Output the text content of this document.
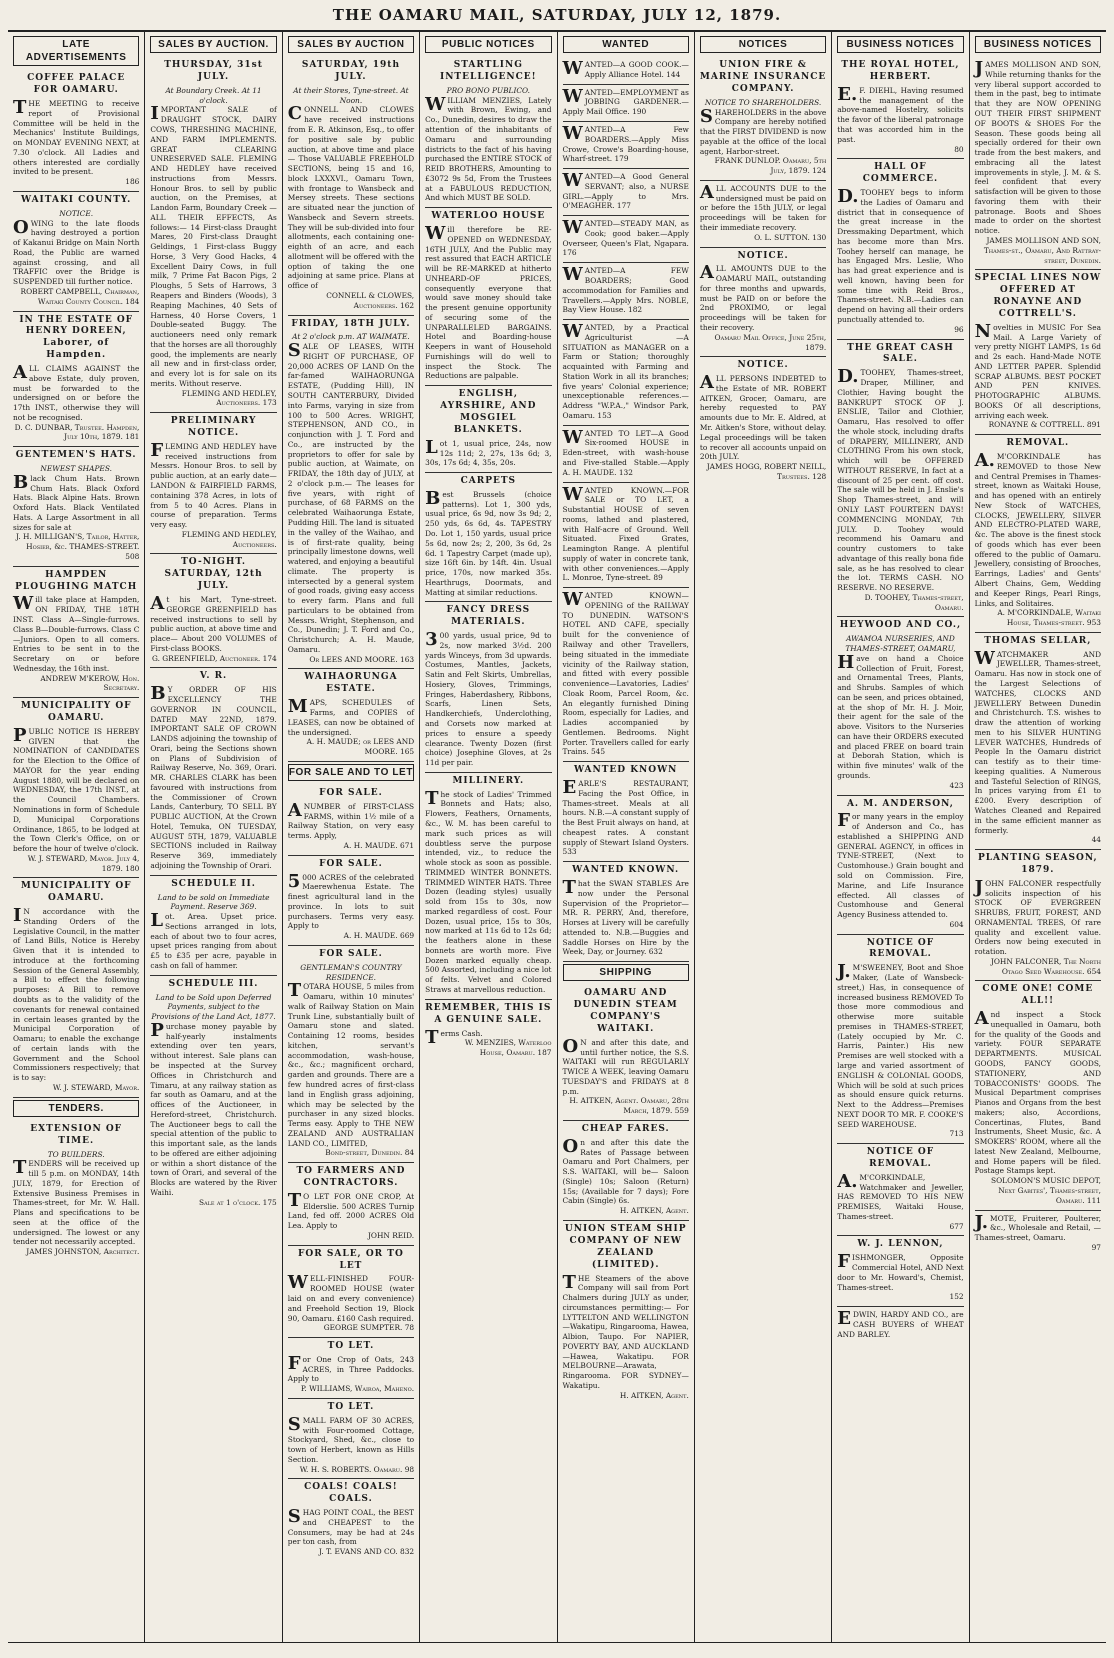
THE OAMARU MAIL, SATURDAY, JULY 12, 1879.
LATE ADVERTISEMENTS
COFFEE PALACE FOR OAMARU.
THE MEETING to receive report of Provisional Committee will be held in the Mechanics' Institute Buildings, on MONDAY EVENING NEXT, at 7.30 o'clock. All Ladies and others interested are cordially invited to be present.
186
WAITAKI COUNTY.
NOTICE.
OWING to the late floods having destroyed a portion of Kakanui Bridge on Main North Road, the Public are warned against crossing, and all TRAFFIC over the Bridge is SUSPENDED till further notice.
ROBERT CAMPBELL, Chairman, Waitaki County Council. 184
IN THE ESTATE OF HENRY DOREEN, Laborer, of Hampden.
ALL CLAIMS AGAINST the above Estate, duly proven, must be forwarded to the undersigned on or before the 17th INST., otherwise they will not be recognised.
D. C. DUNBAR, Trustee. Hampden, July 10th, 1879. 181
GENTEMEN'S HATS.
NEWEST SHAPES.
Black Chum Hats. Brown Chum Hats. Black Oxford Hats. Black Alpine Hats. Brown Oxford Hats. Black Ventilated Hats. A Large Assortment in all sizes for sale at
J. H. MILLIGAN'S, Tailor, Hatter, Hosier, &c. THAMES-STREET. 508
HAMPDEN PLOUGHING MATCH
Will take place at Hampden, ON FRIDAY, THE 18TH INST. Class A—Single-furrows. Class B—Double-furrows. Class C—Juniors. Open to all comers. Entries to be sent in to the Secretary on or before Wednesday, the 16th inst.
ANDREW M'KEROW, Hon. Secretary.
MUNICIPALITY OF OAMARU.
PUBLIC NOTICE IS HEREBY GIVEN that the NOMINATION of CANDIDATES for the Election to the Office of MAYOR for the year ending August 1880, will be declared on WEDNESDAY, the 17th INST., at the Council Chambers. Nominations in form of Schedule D, Municipal Corporations Ordinance, 1865, to be lodged at the Town Clerk's Office, on or before the hour of twelve o'clock.
W. J. STEWARD, Mayor. July 4, 1879. 180
MUNICIPALITY OF OAMARU.
IN accordance with the Standing Orders of the Legislative Council, in the matter of Land Bills, Notice is Hereby Given that it is intended to introduce at the forthcoming Session of the General Assembly, a Bill to effect the following purposes: A Bill to remove doubts as to the validity of the covenants for renewal contained in certain leases granted by the Municipal Corporation of Oamaru; to enable the exchange of certain lands with the Government and the School Commissioners respectively; that is to say:
W. J. STEWARD, Mayor.
TENDERS.
EXTENSION OF TIME.
TO BUILDERS.
TENDERS will be received up till 5 p.m. on MONDAY, 14th JULY, 1879, for Erection of Extensive Business Premises in Thames-street, for Mr. W. Hall. Plans and specifications to be seen at the office of the undersigned. The lowest or any tender not necessarily accepted.
JAMES JOHNSTON, Architect.
SALES BY AUCTION.
THURSDAY, 31st JULY.
At Boundary Creek. At 11 o'clock.
IMPORTANT SALE of DRAUGHT STOCK, DAIRY COWS, THRESHING MACHINE, AND FARM IMPLEMENTS. GREAT CLEARING UNRESERVED SALE. FLEMING AND HEDLEY have received instructions from Messrs. Honour Bros. to sell by public auction, on the Premises, at Landon Farm, Boundary Creek — ALL THEIR EFFECTS, As follows:— 14 First-class Draught Mares, 20 First-class Draught Geldings, 1 First-class Buggy Horse, 3 Very Good Hacks, 4 Excellent Dairy Cows, in full milk, 7 Prime Fat Bacon Pigs, 2 Ploughs, 5 Sets of Harrows, 3 Reapers and Binders (Woods), 3 Reaping Machines, 40 Sets of Harness, 40 Horse Covers, 1 Double-seated Buggy. The auctioneers need only remark that the horses are all thoroughly good, the implements are nearly all new and in first-class order, and every lot is for sale on its merits. Without reserve.
FLEMING AND HEDLEY, Auctioneers. 173
PRELIMINARY NOTICE.
FLEMING AND HEDLEY have received instructions from Messrs. Honour Bros. to sell by public auction, at an early date— LANDON & FAIRFIELD FARMS, containing 378 Acres, in lots of from 5 to 40 Acres. Plans in course of preparation. Terms very easy.
FLEMING AND HEDLEY, Auctioneers.
TO-NIGHT. SATURDAY, 12th JULY.
At his Mart, Tyne-street. GEORGE GREENFIELD has received instructions to sell by public auction, at above time and place— About 200 VOLUMES of First-class BOOKS.
G. GREENFIELD, Auctioneer. 174
V. R.
BY ORDER OF HIS EXCELLENCY THE GOVERNOR IN COUNCIL, DATED MAY 22ND, 1879. IMPORTANT SALE OF CROWN LANDS adjoining the township of Orari, being the Sections shown on Plans of Subdivision of Railway Reserve, No. 369, Orari. MR. CHARLES CLARK has been favoured with instructions from the Commissioner of Crown Lands, Canterbury, TO SELL BY PUBLIC AUCTION, At the Crown Hotel, Temuka, ON TUESDAY, AUGUST 5TH, 1879, VALUABLE SECTIONS included in Railway Reserve 369, immediately adjoining the Township of Orari.
SCHEDULE II.
Land to be sold on Immediate Payment. Reserve 369.
Lot. Area. Upset price. Sections arranged in lots, each of about two to four acres, upset prices ranging from about £5 to £35 per acre, payable in cash on fall of hammer.
SCHEDULE III.
Land to be Sold upon Deferred Payments, subject to the Provisions of the Land Act, 1877.
Purchase money payable by half-yearly instalments extending over ten years, without interest. Sale plans can be inspected at the Survey Offices in Christchurch and Timaru, at any railway station as far south as Oamaru, and at the offices of the Auctioneer, in Hereford-street, Christchurch. The Auctioneer begs to call the special attention of the public to this important sale, as the lands to be offered are either adjoining or within a short distance of the town of Orari, and several of the Blocks are watered by the River Waihi.
Sale at 1 o'clock. 175
SALES BY AUCTION
SATURDAY, 19th JULY.
At their Stores, Tyne-street. At Noon.
CONNELL AND CLOWES have received instructions from E. R. Atkinson, Esq., to offer for positive sale by public auction, at above time and place— Those VALUABLE FREEHOLD SECTIONS, being 15 and 16, block LXXXVI., Oamaru Town, with frontage to Wansbeck and Mersey streets. These sections are situated near the junction of Wansbeck and Severn streets. They will be sub-divided into four allotments, each containing one-eighth of an acre, and each allotment will be offered with the option of taking the one adjoining at same price. Plans at office of
CONNELL & CLOWES, Auctioneers. 162
FRIDAY, 18TH JULY.
At 2 o'clock p.m. AT WAIMATE.
SALE OF LEASES, WITH RIGHT OF PURCHASE, OF 20,000 ACRES OF LAND On the far-famed WAIHAORUNGA ESTATE, (Pudding Hill), IN SOUTH CANTERBURY, Divided into Farms, varying in size from 100 to 500 Acres. WRIGHT, STEPHENSON, AND CO., in conjunction with J. T. Ford and Co., are instructed by the proprietors to offer for sale by public auction, at Waimate, on FRIDAY, the 18th day of JULY, at 2 o'clock p.m.— The leases for five years, with right of purchase, of 68 FARMS on the celebrated Waihaorunga Estate, Pudding Hill. The land is situated in the valley of the Waihao, and is of first-rate quality, being principally limestone downs, well watered, and enjoying a beautiful climate. The property is intersected by a general system of good roads, giving easy access to every farm. Plans and full particulars to be obtained from Messrs. Wright, Stephenson, and Co., Dunedin; J. T. Ford and Co., Christchurch; A. H. Maude, Oamaru.
Or LEES AND MOORE. 163
WAIHAORUNGA ESTATE.
MAPS, SCHEDULES of Farms, and COPIES of LEASES, can now be obtained of the undersigned.
A. H. MAUDE; or LEES AND MOORE. 165
FOR SALE AND TO LET
FOR SALE.
ANUMBER of FIRST-CLASS FARMS, within 1½ mile of a Railway Station, on very easy terms. Apply,
A. H. MAUDE. 671
FOR SALE.
5000 ACRES of the celebrated Maerewhenua Estate. The finest agricultural land in the province. In lots to suit purchasers. Terms very easy. Apply to
A. H. MAUDE. 669
FOR SALE.
GENTLEMAN'S COUNTRY RESIDENCE.
TOTARA HOUSE, 5 miles from Oamaru, within 10 minutes' walk of Railway Station on Main Trunk Line, substantially built of Oamaru stone and slated. Containing 12 rooms, besides kitchen, servant's accommodation, wash-house, &c., &c.; magnificent orchard, garden and grounds. There are a few hundred acres of first-class land in English grass adjoining, which may be selected by the purchaser in any sized blocks. Terms easy. Apply to THE NEW ZEALAND AND AUSTRALIAN LAND CO., LIMITED,
Bond-street, Dunedin. 84
TO FARMERS AND CONTRACTORS.
TO LET FOR ONE CROP, At Elderslie. 500 ACRES Turnip Land, fed off. 2000 ACRES Old Lea. Apply to
JOHN REID.
FOR SALE, OR TO LET
WELL-FINISHED FOUR-ROOMED HOUSE (water laid on and every convenience) and Freehold Section 19, Block 90, Oamaru. £160 Cash required.
GEORGE SUMPTER. 78
TO LET.
For One Crop of Oats, 243 ACRES, in Three Paddocks. Apply to
P. WILLIAMS, Wairoa, Maheno.
TO LET.
SMALL FARM OF 30 ACRES, with Four-roomed Cottage, Stockyard, Shed, &c., close to town of Herbert, known as Hills Section.
W. H. S. ROBERTS. Oamaru. 98
COALS! COALS! COALS.
SHAG POINT COAL, the BEST and CHEAPEST to the Consumers, may be had at 24s per ton cash, from
J. T. EVANS AND CO. 832
PUBLIC NOTICES
STARTLING INTELLIGENCE!
PRO BONO PUBLICO.
WILLIAM MENZIES, Lately with Brown, Ewing, and Co., Dunedin, desires to draw the attention of the inhabitants of Oamaru and surrounding districts to the fact of his having purchased the ENTIRE STOCK of REID BROTHERS, Amounting to £3072 9s 5d, From the Trustees at a FABULOUS REDUCTION, And which MUST BE SOLD.
WATERLOO HOUSE
Will therefore be RE-OPENED on WEDNESDAY, 16TH JULY, And the Public may rest assured that EACH ARTICLE will be RE-MARKED at hitherto UNHEARD-OF PRICES, consequently everyone that would save money should take the present genuine opportunity of securing some of the UNPARALLELED BARGAINS. Hotel and Boarding-house Keepers in want of Household Furnishings will do well to inspect the Stock. The Reductions are palpable.
ENGLISH, AYRSHIRE, AND MOSGIEL BLANKETS.
Lot 1, usual price, 24s, now 12s 11d; 2, 27s, 13s 6d; 3, 30s, 17s 6d; 4, 35s, 20s.
CARPETS
Best Brussels (choice patterns). Lot 1, 300 yds, usual price, 6s 9d, now 3s 9d; 2, 250 yds, 6s 6d, 4s. TAPESTRY Do. Lot 1, 150 yards, usual price 5s 6d, now 2s; 2, 200, 3s 6d, 2s 6d. 1 Tapestry Carpet (made up), size 16ft 6in. by 14ft. 4in. Usual price, 170s, now marked 35s. Hearthrugs, Doormats, and Matting at similar reductions.
FANCY DRESS MATERIALS.
300 yards, usual price, 9d to 2s, now marked 3½d. 200 yards Winceys, from 3d upwards. Costumes, Mantles, Jackets, Satin and Felt Skirts, Umbrellas, Hosiery, Gloves, Trimmings, Fringes, Haberdashery, Ribbons, Scarfs, Linen Sets, Handkerchiefs, Underclothing, and Corsets now marked at prices to ensure a speedy clearance. Twenty Dozen (first choice) Josephine Gloves, at 2s 11d per pair.
MILLINERY.
The stock of Ladies' Trimmed Bonnets and Hats; also, Flowers, Feathers, Ornaments, &c., W. M. has been careful to mark such prices as will doubtless serve the purpose intended, viz., to reduce the whole stock as soon as possible. TRIMMED WINTER BONNETS. TRIMMED WINTER HATS. Three Dozen (leading styles) usually sold from 15s to 30s, now marked regardless of cost. Four Dozen, usual price, 15s to 30s, now marked at 11s 6d to 12s 6d; the feathers alone in these bonnets are worth more. Five Dozen marked equally cheap. 500 Assorted, including a nice lot of felts. Velvet and Colored Straws at marvellous reduction.
REMEMBER, THIS IS A GENUINE SALE.
Terms Cash.
W. MENZIES, Waterloo House, Oamaru. 187
WANTED
WANTED—A GOOD COOK.—Apply Alliance Hotel. 144
WANTED—EMPLOYMENT as JOBBING GARDENER.—Apply Mail Office. 190
WANTED—A Few BOARDERS.—Apply Miss Crowe, Crowe's Boarding-house, Wharf-street. 179
WANTED—A Good General SERVANT; also, a NURSE GIRL.—Apply to Mrs. O'MEAGHER. 177
WANTED—STEADY MAN, as Cook; good baker.—Apply Overseer, Queen's Flat, Ngapara. 176
WANTED—A FEW BOARDERS; Good accommodation for Families and Travellers.—Apply Mrs. NOBLE, Bay View House. 182
WANTED, by a Practical Agriculturist —A SITUATION as MANAGER on a Farm or Station; thoroughly acquainted with Farming and Station Work in all its branches; five years' Colonial experience; unexceptionable references.—Address "W.P.A.," Windsor Park, Oamaru. 153
WANTED TO LET—A Good Six-roomed HOUSE in Eden-street, with wash-house and Five-stalled Stable.—Apply A. H. MAUDE. 132
WANTED KNOWN.—FOR SALE or TO LET, a Substantial HOUSE of seven rooms, lathed and plastered, with Half-acre of Ground. Well Situated. Fixed Grates, Leamington Range. A plentiful supply of water in concrete tank, with other conveniences.—Apply L. Monroe, Tyne-street. 89
WANTED KNOWN—OPENING of the RAILWAY TO DUNEDIN. WATSON'S HOTEL AND CAFE, specially built for the convenience of Railway and other Travellers, being situated in the immediate vicinity of the Railway station, and fitted with every possible convenience—Lavatories, Ladies' Cloak Room, Parcel Room, &c. An elegantly furnished Dining Room, especially for Ladies, and Ladies accompanied by Gentlemen. Bedrooms. Night Porter. Travellers called for early Trains. 545
WANTED KNOWN
EARLE'S RESTAURANT, Facing the Post Office, in Thames-street. Meals at all hours. N.B.—A constant supply of the Best Fruit always on hand, at cheapest rates. A constant supply of Stewart Island Oysters. 533
WANTED KNOWN.
That the SWAN STABLES Are now under the Personal Supervision of the Proprietor— MR. R. PERRY, And, therefore, Horses at Livery will be carefully attended to. N.B.—Buggies and Saddle Horses on Hire by the Week, Day, or Journey. 632
SHIPPING
OAMARU AND DUNEDIN STEAM COMPANY'S WAITAKI.
ON and after this date, and until further notice, the S.S. WAITAKI will run REGULARLY TWICE A WEEK, leaving Oamaru TUESDAY'S and FRIDAYS at 8 p.m.
H. AITKEN, Agent. Oamaru, 28th March, 1879. 559
CHEAP FARES.
On and after this date the Rates of Passage between Oamaru and Port Chalmers, per S.S. WAITAKI, will be— Saloon (Single) 10s; Saloon (Return) 15s; (Available for 7 days); Fore Cabin (Single) 6s.
H. AITKEN, Agent.
UNION STEAM SHIP COMPANY OF NEW ZEALAND (LIMITED).
THE Steamers of the above Company will sail from Port Chalmers during JULY as under, circumstances permitting:— For LYTTELTON AND WELLINGTON —Wakatipu, Ringarooma, Hawea, Albion, Taupo. For NAPIER, POVERTY BAY, AND AUCKLAND—Hawea, Wakatipu. FOR MELBOURNE—Arawata, Ringarooma. FOR SYDNEY—Wakatipu.
H. AITKEN, Agent.
NOTICES
UNION FIRE & MARINE INSURANCE COMPANY.
NOTICE TO SHAREHOLDERS.
SHAREHOLDERS in the above Company are hereby notified that the FIRST DIVIDEND is now payable at the office of the local agent, Harbor-street.
FRANK DUNLOP. Oamaru, 5th July, 1879. 124
ALL ACCOUNTS DUE to the undersigned must be paid on or before the 15th JULY, or legal proceedings will be taken for their immediate recovery.
O. L. SUTTON. 130
NOTICE.
ALL AMOUNTS DUE to the OAMARU MAIL, outstanding for three months and upwards, must be PAID on or before the 2nd PROXIMO, or legal proceedings will be taken for their recovery.
Oamaru Mail Office, June 25th, 1879.
NOTICE.
ALL PERSONS INDEBTED to the Estate of MR. ROBERT AITKEN, Grocer, Oamaru, are hereby requested to PAY amounts due to Mr. E. Aldred, at Mr. Aitken's Store, without delay. Legal proceedings will be taken to recover all accounts unpaid on 20th JULY.
JAMES HOGG, ROBERT NEILL, Trustees. 128
BUSINESS NOTICES
THE ROYAL HOTEL, HERBERT.
E.F. DIEHL, Having resumed the management of the above-named Hostelry, solicits the favor of the liberal patronage that was accorded him in the past.
80
HALL OF COMMERCE.
D.TOOHEY begs to inform the Ladies of Oamaru and district that in consequence of the great increase in the Dressmaking Department, which has become more than Mrs. Toohey herself can manage, he has Engaged Mrs. Leslie, Who has had great experience and is well known, having been for some time with Reid Bros., Thames-street. N.B.—Ladies can depend on having all their orders punctually attended to.
96
THE GREAT CASH SALE.
D.TOOHEY, Thames-street, Draper, Milliner, and Clothier, Having bought the BANKRUPT STOCK OF J. ENSLIE, Tailor and Clothier, Oamaru, Has resolved to offer the whole stock, including drafts of DRAPERY, MILLINERY, AND CLOTHING From his own stock, which will be OFFERED WITHOUT RESERVE, In fact at a discount of 25 per cent. off cost. The sale will be held in J. Enslie's Shop Thames-street, and will ONLY LAST FOURTEEN DAYS! COMMENCING MONDAY, 7th JULY. D. Toohey would recommend his Oamaru and country customers to take advantage of this really bona fide sale, as he has resolved to clear the lot. TERMS CASH. NO RESERVE. NO RESERVE.
D. TOOHEY, Thames-street, Oamaru.
HEYWOOD AND CO.,
AWAMOA NURSERIES, AND THAMES-STREET, OAMARU,
Have on hand a Choice Collection of Fruit, Forest, and Ornamental Trees, Plants, and Shrubs. Samples of which can be seen, and prices obtained, at the shop of Mr. H. J. Moir, their agent for the sale of the above. Visitors to the Nurseries can have their ORDERS executed and placed FREE on board train at Deborah Station, which is within five minutes' walk of the grounds.
423
A. M. ANDERSON,
For many years in the employ of Anderson and Co., has established a SHIPPING AND GENERAL AGENCY, in offices in TYNE-STREET, (Next to Customhouse.) Grain bought and sold on Commission. Fire, Marine, and Life Insurance effected. All classes of Customhouse and General Agency Business attended to.
604
NOTICE OF REMOVAL.
J.M'SWEENEY, Boot and Shoe Maker, (Late of Wansbeck-street,) Has, in consequence of increased business REMOVED To those more commodious and otherwise more suitable premises in THAMES-STREET, (Lately occupied by Mr. C. Harris, Painter.) His new Premises are well stocked with a large and varied assortment of ENGLISH & COLONIAL GOODS, Which will be sold at such prices as should ensure quick returns. Next to the Address—Premises NEXT DOOR TO MR. F. COOKE'S SEED WAREHOUSE.
713
NOTICE OF REMOVAL.
A.M'CORKINDALE, Watchmaker and Jeweller, HAS REMOVED TO HIS NEW PREMISES, Waitaki House, Thames-street.
677
W. J. LENNON,
FISHMONGER, Opposite Commercial Hotel, AND Next door to Mr. Howard's, Chemist, Thames-street.
152
EDWIN, HARDY AND CO., are CASH BUYERS of WHEAT AND BARLEY.
BUSINESS NOTICES
JAMES MOLLISON AND SON, While returning thanks for the very liberal support accorded to them in the past, beg to intimate that they are NOW OPENING OUT THEIR FIRST SHIPMENT OF BOOTS & SHOES For the Season. These goods being all specially ordered for their own trade from the best makers, and embracing all the latest improvements in style, J. M. & S. feel confident that every satisfaction will be given to those favoring them with their patronage. Boots and Shoes made to order on the shortest notice.
JAMES MOLLISON AND SON, Thames-st., Oamaru, And Rattray-street, Dunedin.
SPECIAL LINES NOW OFFERED AT RONAYNE AND COTTRELL'S.
Novelties in MUSIC For Sea Mail. A Large Variety of very pretty NIGHT LAMPS, 1s 6d and 2s each. Hand-Made NOTE AND LETTER PAPER. Splendid SCRAP ALBUMS. BEST POCKET AND PEN KNIVES. PHOTOGRAPHIC ALBUMS. BOOKS Of all descriptions, arriving each week.
RONAYNE & COTTRELL. 891
REMOVAL.
A.M'CORKINDALE has REMOVED to those New and Central Premises in Thames-street, known as Waitaki House, and has opened with an entirely New Stock of WATCHES, CLOCKS, JEWELLERY, SILVER AND ELECTRO-PLATED WARE, &c. The above is the finest stock of goods which has ever been offered to the public of Oamaru. Jewellery, consisting of Brooches, Earrings, Ladies' and Gents' Albert Chains, Gem, Wedding and Keeper Rings, Pearl Rings, Links, and Solitaires.
A. M'CORKINDALE, Waitaki House, Thames-street. 953
THOMAS SELLAR,
WATCHMAKER AND JEWELLER, Thames-street, Oamaru. Has now in stock one of the Largest Selections of WATCHES, CLOCKS AND JEWELLERY Between Dunedin and Christchurch. T.S. wishes to draw the attention of working men to his SILVER HUNTING LEVER WATCHES, Hundreds of People In the Oamaru district can testify as to their time-keeping qualities. A Numerous and Tasteful Selection of RINGS, In prices varying from £1 to £200. Every description of Watches Cleaned and Repaired in the same efficient manner as formerly.
44
PLANTING SEASON, 1879.
JOHN FALCONER respectfully solicits inspection of his STOCK OF EVERGREEN SHRUBS, FRUIT, FOREST, AND ORNAMENTAL TREES, Of rare quality and excellent value. Orders now being executed in rotation.
JOHN FALCONER, The North Otago Seed Warehouse. 654
COME ONE! COME ALL!!
And inspect a Stock unequalled in Oamaru, both for the quality of the Goods and variety. FOUR SEPARATE DEPARTMENTS. MUSICAL GOODS, FANCY GOODS, STATIONERY, AND TOBACCONISTS' GOODS. The Musical Department comprises Pianos and Organs from the best makers; also, Accordions, Concertinas, Flutes, Band Instruments, Sheet Music, &c. A SMOKERS' ROOM, where all the latest New Zealand, Melbourne, and Home papers will be filed. Postage Stamps kept.
SOLOMON'S MUSIC DEPOT, Next Gabites', Thames-street, Oamaru. 111
J.MOTE, Fruiterer, Poulterer, &c., Wholesale and Retail, — Thames-street, Oamaru.
97
